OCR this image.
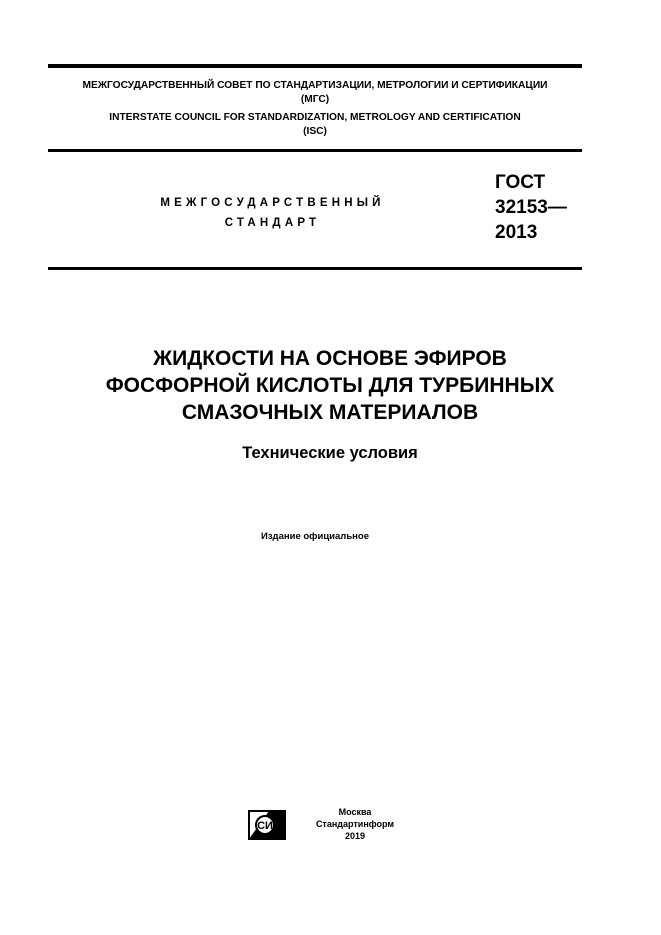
МЕЖГОСУДАРСТВЕННЫЙ СОВЕТ ПО СТАНДАРТИЗАЦИИ, МЕТРОЛОГИИ И СЕРТИФИКАЦИИ
(МГС)
INTERSTATE COUNCIL FOR STANDARDIZATION, METROLOGY AND CERTIFICATION
(ISC)
МЕЖГОСУДАРСТВЕННЫЙ
СТАНДАРТ
ГОСТ
32153—
2013
ЖИДКОСТИ НА ОСНОВЕ ЭФИРОВ
ФОСФОРНОЙ КИСЛОТЫ ДЛЯ ТУРБИННЫХ
СМАЗОЧНЫХ МАТЕРИАЛОВ
Технические условия
Издание официальное
СИ
Москва
Стандартинформ
2019
